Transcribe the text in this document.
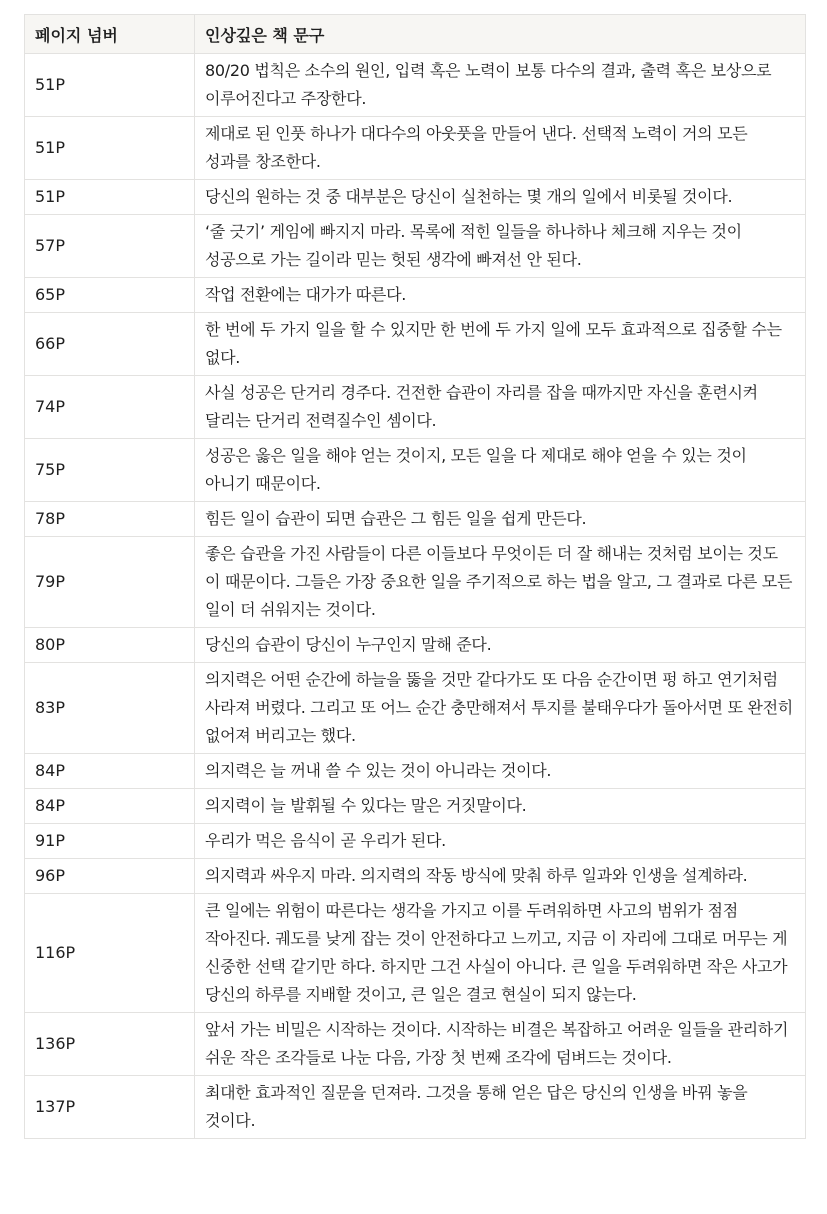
페이지 넘버	인상깊은 책 문구
51P	80/20 법칙은 소수의 원인, 입력 혹은 노력이 보통 다수의 결과, 출력 혹은 보상으로 이루어진다고 주장한다.
51P	제대로 된 인풋 하나가 대다수의 아웃풋을 만들어 낸다. 선택적 노력이 거의 모든 성과를 창조한다.
51P	당신의 원하는 것 중 대부분은 당신이 실천하는 몇 개의 일에서 비롯될 것이다.
57P	‘줄 긋기’ 게임에 빠지지 마라. 목록에 적힌 일들을 하나하나 체크해 지우는 것이 성공으로 가는 길이라 믿는 헛된 생각에 빠져선 안 된다.
65P	작업 전환에는 대가가 따른다.
66P	한 번에 두 가지 일을 할 수 있지만 한 번에 두 가지 일에 모두 효과적으로 집중할 수는 없다.
74P	사실 성공은 단거리 경주다. 건전한 습관이 자리를 잡을 때까지만 자신을 훈련시켜 달리는 단거리 전력질수인 셈이다.
75P	성공은 옳은 일을 해야 얻는 것이지, 모든 일을 다 제대로 해야 얻을 수 있는 것이 아니기 때문이다.
78P	힘든 일이 습관이 되면 습관은 그 힘든 일을 쉽게 만든다.
79P	좋은 습관을 가진 사람들이 다른 이들보다 무엇이든 더 잘 해내는 것처럼 보이는 것도 이 때문이다. 그들은 가장 중요한 일을 주기적으로 하는 법을 알고, 그 결과로 다른 모든 일이 더 쉬워지는 것이다.
80P	당신의 습관이 당신이 누구인지 말해 준다.
83P	의지력은 어떤 순간에 하늘을 뚫을 것만 같다가도 또 다음 순간이면 펑 하고 연기처럼 사라져 버렸다. 그리고 또 어느 순간 충만해져서 투지를 불태우다가 돌아서면 또 완전히 없어져 버리고는 했다.
84P	의지력은 늘 꺼내 쓸 수 있는 것이 아니라는 것이다.
84P	의지력이 늘 발휘될 수 있다는 말은 거짓말이다.
91P	우리가 먹은 음식이 곧 우리가 된다.
96P	의지력과 싸우지 마라. 의지력의 작동 방식에 맞춰 하루 일과와 인생을 설계하라.
116P	큰 일에는 위험이 따른다는 생각을 가지고 이를 두려워하면 사고의 범위가 점점 작아진다. 궤도를 낮게 잡는 것이 안전하다고 느끼고, 지금 이 자리에 그대로 머무는 게 신중한 선택 같기만 하다. 하지만 그건 사실이 아니다. 큰 일을 두려워하면 작은 사고가 당신의 하루를 지배할 것이고, 큰 일은 결코 현실이 되지 않는다.
136P	앞서 가는 비밀은 시작하는 것이다. 시작하는 비결은 복잡하고 어려운 일들을 관리하기 쉬운 작은 조각들로 나눈 다음, 가장 첫 번째 조각에 덤벼드는 것이다.
137P	최대한 효과적인 질문을 던져라. 그것을 통해 얻은 답은 당신의 인생을 바꿔 놓을 것이다.
